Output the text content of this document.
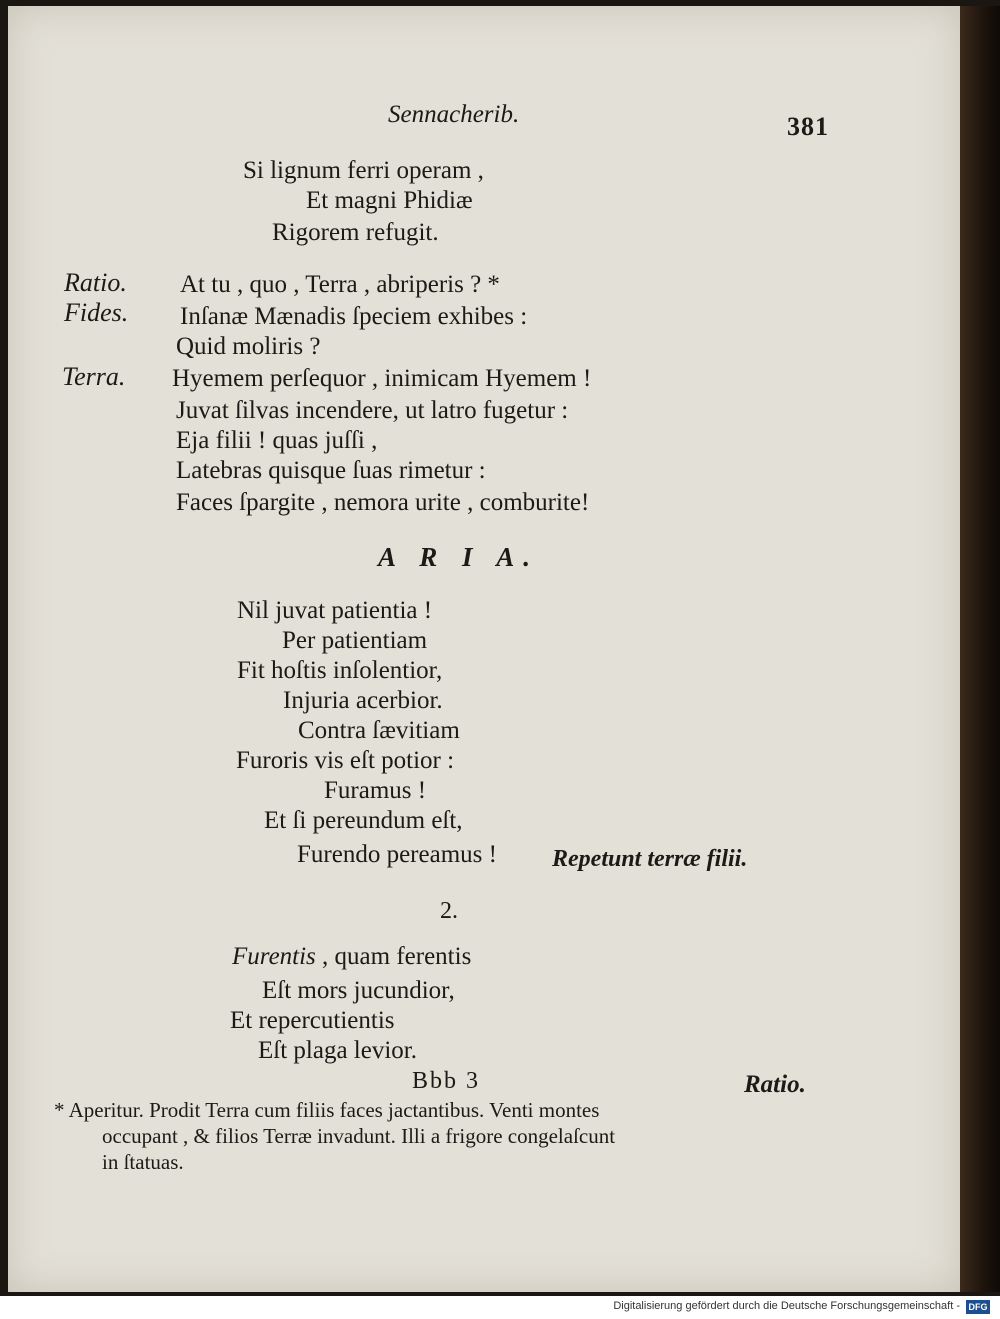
Sennacherib.	381
Si lignum ferri operam ,
Et magni Phidiæ
Rigorem refugit.
Ratio. At tu , quo , Terra , abriperis ? *
Fides. Inſanæ Mænadis ſpeciem exhibes :
Quid moliris ?
Terra. Hyemem perſequor , inimicam Hyemem !
Juvat ſilvas incendere, ut latro fugetur :
Eja filii ! quas juſſi ,
Latebras quisque ſuas rimetur :
Faces ſpargite , nemora urite , comburite!
A R I A.
Nil juvat patientia !
Per patientiam
Fit hoſtis inſolentior,
Injuria acerbior.
Contra ſævitiam
Furoris vis eſt potior :
Furamus !
Et ſi pereundum eſt,
Furendo pereamus ! Repetunt terræ filii.
2.
Furentis , quam ferentis
Eſt mors jucundior,
Et repercutientis
Eſt plaga levior.
Bbb 3	Ratio.
* Aperitur. Prodit Terra cum filiis faces jactantibus. Venti montes
occupant , & filios Terræ invadunt. Illi a frigore congelaſcunt
in ſtatuas.
Digitalisierung gefördert durch die Deutsche Forschungsgemeinschaft - DFG
